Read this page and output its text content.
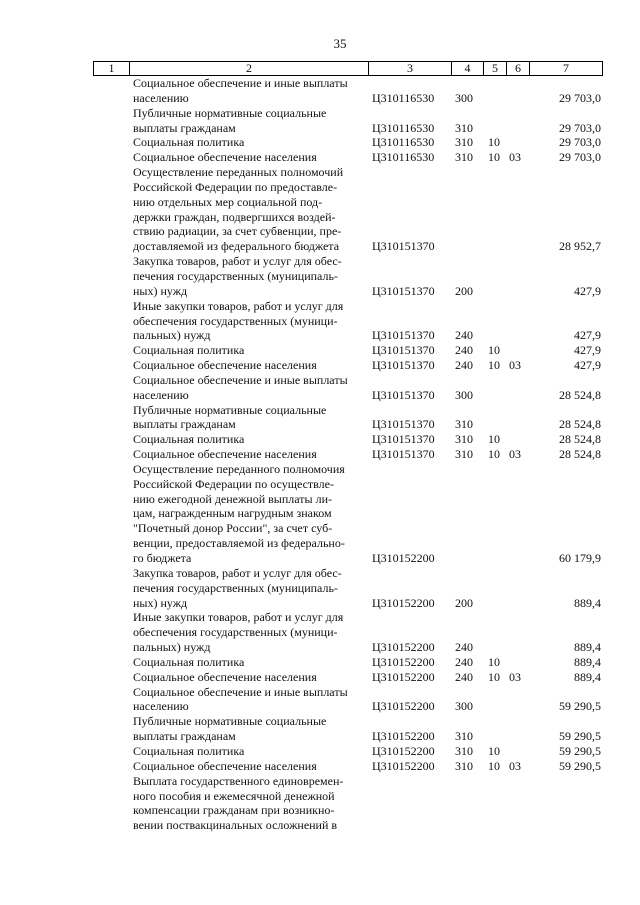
35
1	2	3	4	5	6	7
Социальное обеспечение и иные выплаты
населению	Ц310116530 300	29 703,0
Публичные нормативные социальные
выплаты гражданам	Ц310116530 310	29 703,0
Социальная политика	Ц310116530 310 10	29 703,0
Социальное обеспечение населения	Ц310116530 310 10 03	29 703,0
Осуществление переданных полномочий
Российской Федерации по предоставле-
нию отдельных мер социальной под-
держки граждан, подвергшихся воздей-
ствию радиации, за счет субвенции, пре-
доставляемой из федерального бюджета	Ц310151370	28 952,7
Закупка товаров, работ и услуг для обес-
печения государственных (муниципаль-
ных) нужд	Ц310151370 200	427,9
Иные закупки товаров, работ и услуг для
обеспечения государственных (муници-
пальных) нужд	Ц310151370 240	427,9
Социальная политика	Ц310151370 240 10	427,9
Социальное обеспечение населения	Ц310151370 240 10 03	427,9
Социальное обеспечение и иные выплаты
населению	Ц310151370 300	28 524,8
Публичные нормативные социальные
выплаты гражданам	Ц310151370 310	28 524,8
Социальная политика	Ц310151370 310 10	28 524,8
Социальное обеспечение населения	Ц310151370 310 10 03	28 524,8
Осуществление переданного полномочия
Российской Федерации по осуществле-
нию ежегодной денежной выплаты ли-
цам, награжденным нагрудным знаком
"Почетный донор России", за счет суб-
венции, предоставляемой из федерально-
го бюджета	Ц310152200	60 179,9
Закупка товаров, работ и услуг для обес-
печения государственных (муниципаль-
ных) нужд	Ц310152200 200	889,4
Иные закупки товаров, работ и услуг для
обеспечения государственных (муници-
пальных) нужд	Ц310152200 240	889,4
Социальная политика	Ц310152200 240 10	889,4
Социальное обеспечение населения	Ц310152200 240 10 03	889,4
Социальное обеспечение и иные выплаты
населению	Ц310152200 300	59 290,5
Публичные нормативные социальные
выплаты гражданам	Ц310152200 310	59 290,5
Социальная политика	Ц310152200 310 10	59 290,5
Социальное обеспечение населения	Ц310152200 310 10 03	59 290,5
Выплата государственного единовремен-
ного пособия и ежемесячной денежной
компенсации гражданам при возникно-
вении поствакцинальных осложнений в
